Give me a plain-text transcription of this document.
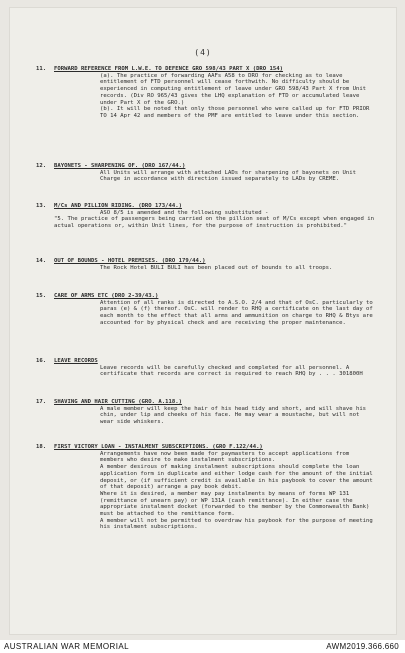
(4)
11.	FORWARD REFERENCE FROM L.W.E. TO DEFENCE GRO 598/43 PART X (DRO 154)

(a). The practice of forwarding AAFs A58 to DRO for checking as to leave entitlement of FTD personnel will cease forthwith. No difficulty should be experienced in computing entitlement of leave under GRO 598/43 Part X from Unit records. (Div RO 965/43 gives the LHQ explanation of FTD or accumulated leave under Part X of the GRO.)

(b). It will be noted that only those personnel who were called up for FTD PRIOR TO 14 Apr 42 and members of the PMF are entitled to leave under this section.

12.	BAYONETS - SHARPENING OF. (DRO 167/44.)

All Units will arrange with attached LADs for sharpening of bayonets on Unit Charge in accordance with direction issued separately to LADs by CREME.

13.	M/Cs AND PILLION RIDING. (DRO 173/44.)

ASO 8/5 is amended and the following substituted -

"5. The practice of passengers being carried on the pillion seat of M/Cs except when engaged in actual operations or, within Unit lines, for the purpose of instruction is prohibited."

14.	OUT OF BOUNDS - HOTEL PREMISES. (DRO 179/44.)

The Rock Hotel BULI BULI has been placed out of bounds to all troops.

15.	CARE OF ARMS ETC (DRO 2-39/43.)

Attention of all ranks is directed to A.S.O. 2/4 and that of OsC. particularly to paras (e) & (f) thereof. OsC. will render to RHQ a certificate on the last day of each month to the effect that all arms and ammunition on charge to RHQ & Btys are accounted for by physical check and are receiving the proper maintenance.

16.	LEAVE RECORDS

Leave records will be carefully checked and completed for all personnel. A certificate that records are correct is required to reach RHQ by . . . 301800H

17.	SHAVING AND HAIR CUTTING (GRO. A.118.)

A male member will keep the hair of his head tidy and short, and will shave his chin, under lip and cheeks of his face. He may wear a moustache, but will not wear side whiskers.

18.	FIRST VICTORY LOAN - INSTALMENT SUBSCRIPTIONS. (GRO F.122/44.)

Arrangements have now been made for paymasters to accept applications from members who desire to make instalment subscriptions.

A member desirous of making instalment subscriptions should complete the loan application form in duplicate and either lodge cash for the amount of the initial deposit, or (if sufficient credit is available in his paybook to cover the amount of that deposit) arrange a pay book debit.

Where it is desired, a member may pay instalments by means of forms WP 131 (remittance of unearn pay) or WP 131A (cash remittance). In either case the appropriate instalment docket (forwarded to the member by the Commonwealth Bank) must be attached to the remittance form.

A member will not be permitted to overdraw his paybook for the purpose of meeting his instalment subscriptions.

AUSTRALIAN WAR MEMORIAL	AWM2019.366.660
